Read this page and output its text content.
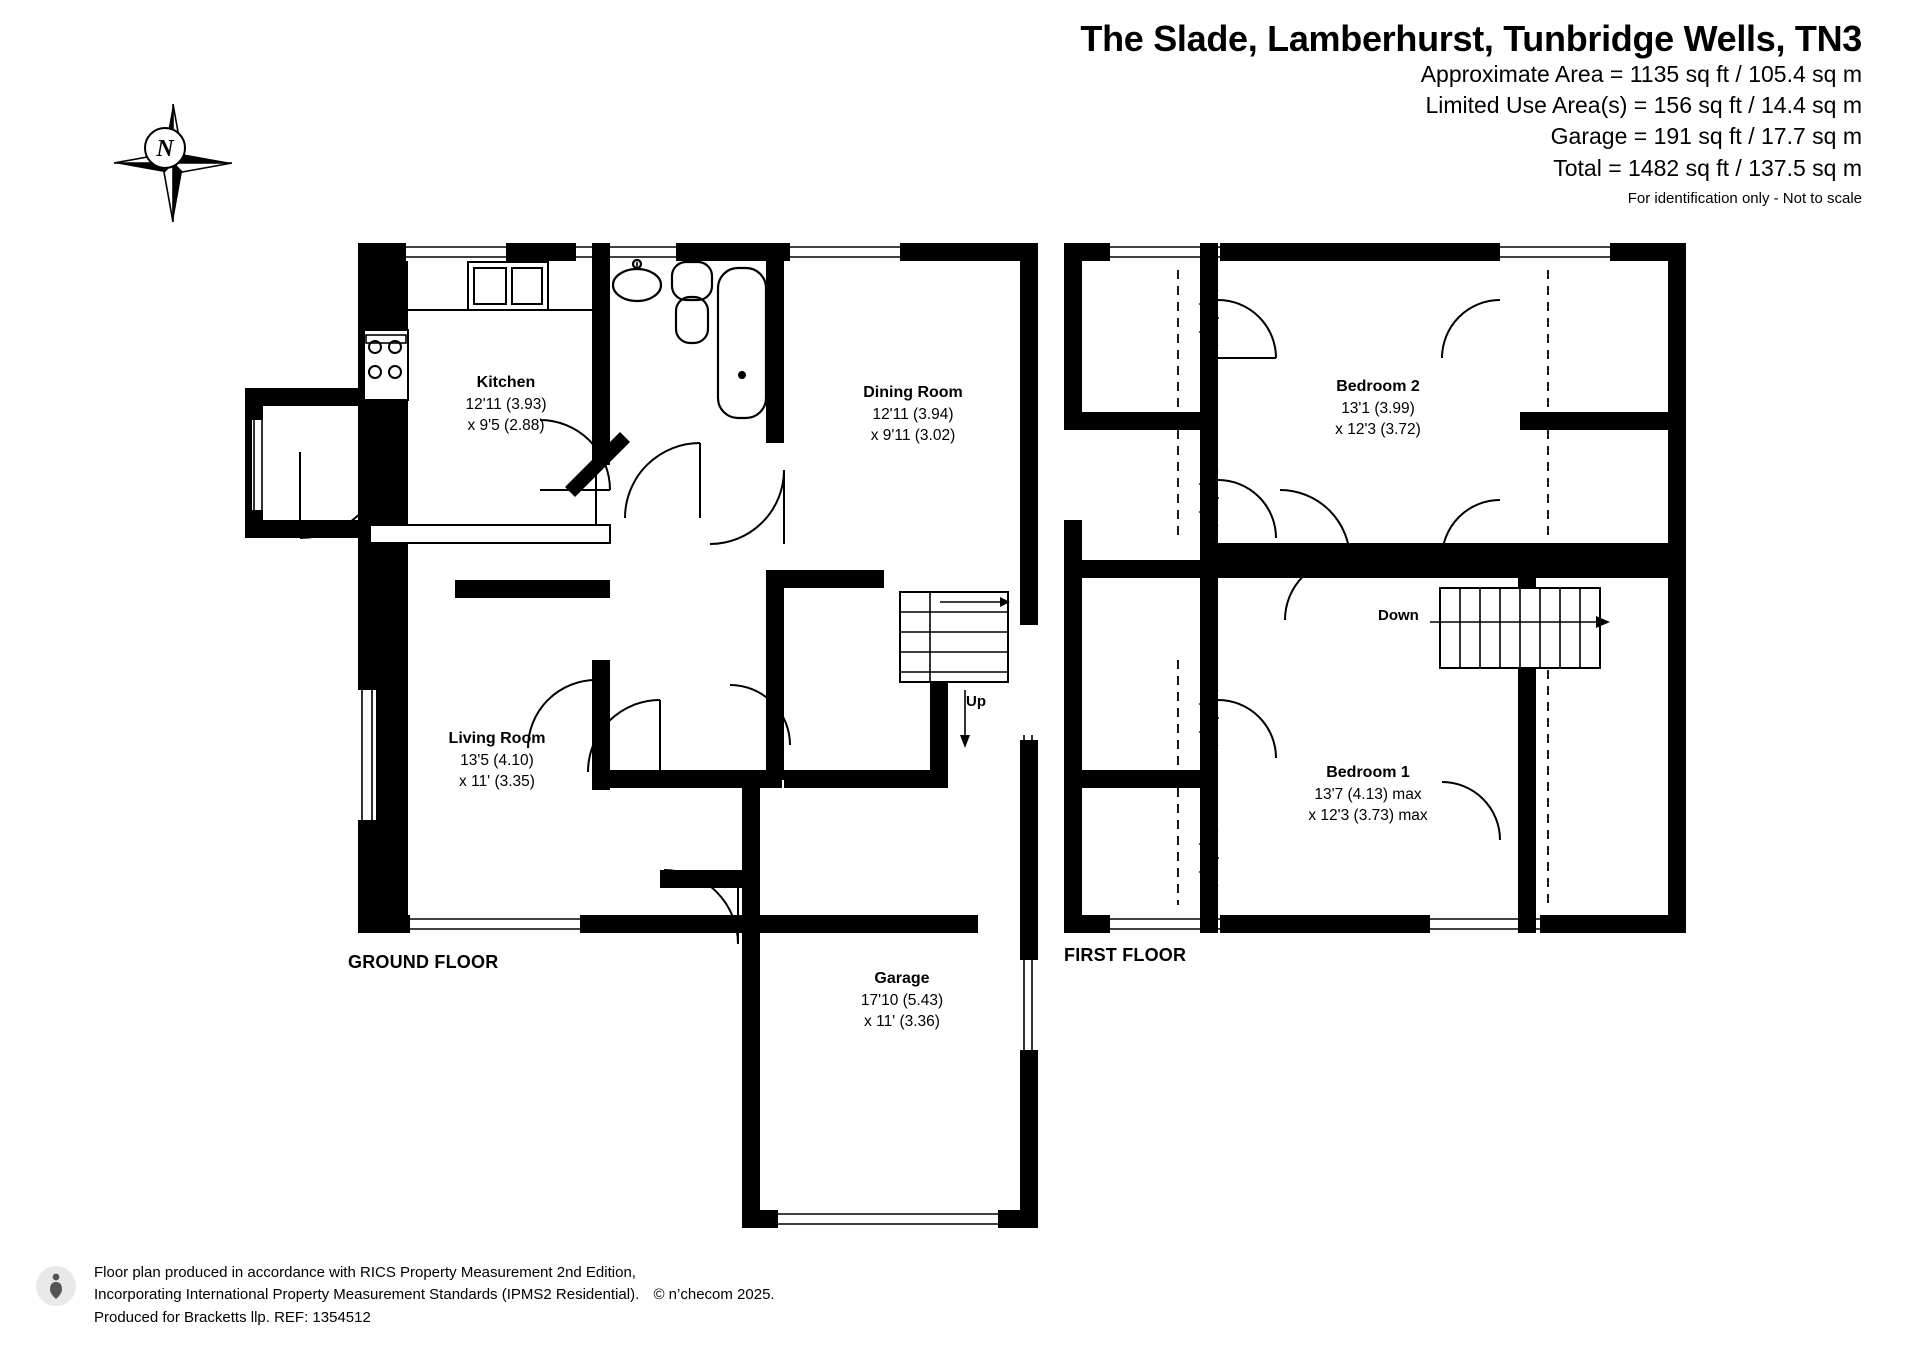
The Slade, Lamberhurst, Tunbridge Wells, TN3
Approximate Area = 1135 sq ft / 105.4 sq m
Limited Use Area(s) = 156 sq ft / 14.4 sq m
Garage = 191 sq ft / 17.7 sq m
Total = 1482 sq ft / 137.5 sq m
For identification only - Not to scale
N
GROUND FLOOR	FIRST FLOOR
Kitchen
12'11 (3.93)
x 9'5 (2.88)
Dining Room
12'11 (3.94)
x 9'11 (3.02)
Living Room
13'5 (4.10)
x 11' (3.35)
Garage
17'10 (5.43)
x 11' (3.36)
Bedroom 2
13'1 (3.99)
x 12'3 (3.72)
Bedroom 1
13'7 (4.13) max
x 12'3 (3.73) max
Up
Down
Floor plan produced in accordance with RICS Property Measurement 2nd Edition,
Incorporating International Property Measurement Standards (IPMS2 Residential). © n’checom 2025.
Produced for Bracketts llp. REF: 1354512
